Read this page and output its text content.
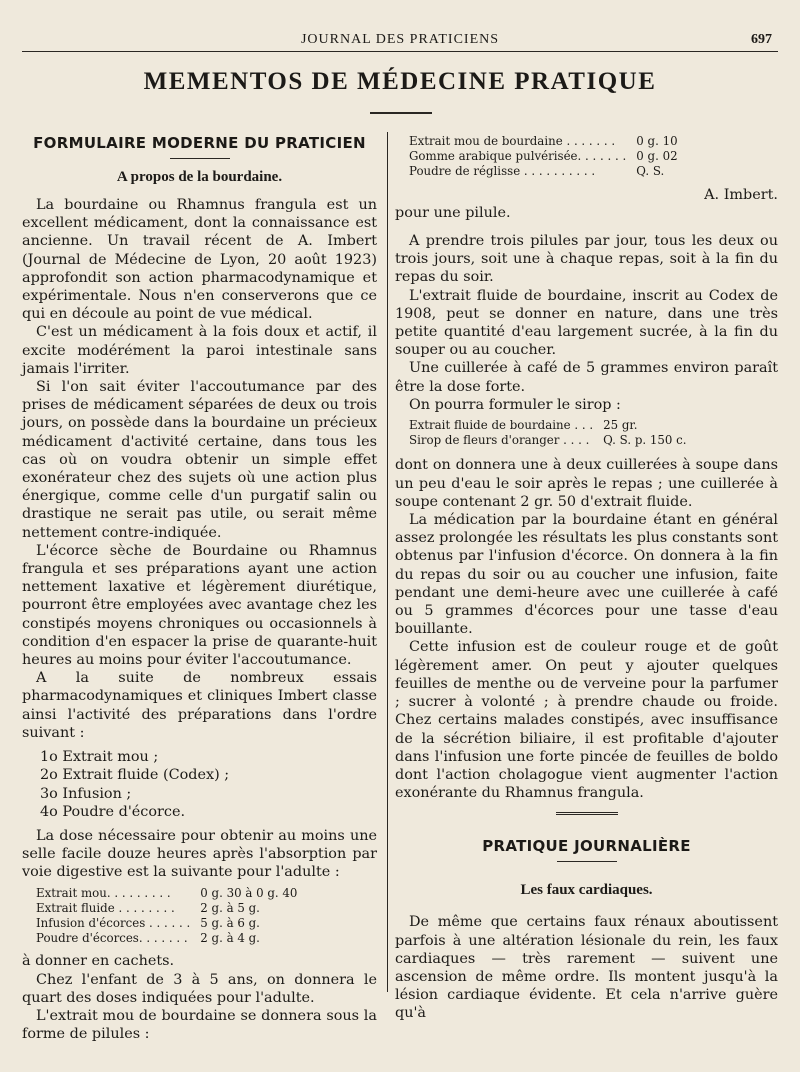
JOURNAL DES PRATICIENS	697
MEMENTOS DE MÉDECINE PRATIQUE
FORMULAIRE MODERNE DU PRATICIEN
A propos de la bourdaine.

La bourdaine ou Rhamnus frangula est un excellent médicament, dont la connaissance est ancienne. Un travail récent de A. Imbert (Journal de Médecine de Lyon, 20 août 1923) approfondit son action pharmacodynamique et expérimentale. Nous n'en conserverons que ce qui en découle au point de vue médical.

C'est un médicament à la fois doux et actif, il excite modérément la paroi intestinale sans jamais l'irriter.

Si l'on sait éviter l'accoutumance par des prises de médicament séparées de deux ou trois jours, on possède dans la bourdaine un précieux médicament d'activité certaine, dans tous les cas où on voudra obtenir un simple effet exonérateur chez des sujets où une action plus énergique, comme celle d'un purgatif salin ou drastique ne serait pas utile, ou serait même nettement contre-indiquée.

L'écorce sèche de Bourdaine ou Rhamnus frangula et ses préparations ayant une action nettement laxative et légèrement diurétique, pourront être employées avec avantage chez les constipés moyens chroniques ou occasionnels à condition d'en espacer la prise de quarante-huit heures au moins pour éviter l'accoutumance.

A la suite de nombreux essais pharmacodynamiques et cliniques Imbert classe ainsi l'activité des préparations dans l'ordre suivant :

1o Extrait mou ;
2o Extrait fluide (Codex) ;
3o Infusion ;
4o Poudre d'écorce.

La dose nécessaire pour obtenir au moins une selle facile douze heures après l'absorption par voie digestive est la suivante pour l'adulte :

Extrait mou. . . . . . . . .	0 g. 30 à 0 g. 40
Extrait fluide . . . . . . . .	2 g. à 5 g.
Infusion d'écorces . . . . . .	5 g. à 6 g.
Poudre d'écorces. . . . . . .	2 g. à 4 g.

à donner en cachets.

Chez l'enfant de 3 à 5 ans, on donnera le quart des doses indiquées pour l'adulte.

L'extrait mou de bourdaine se donnera sous la forme de pilules :

Extrait mou de bourdaine . . . . . . .	0 g. 10
Gomme arabique pulvérisée. . . . . . .	0 g. 02
Poudre de réglisse . . . . . . . . . .	Q. S.

A. Imbert.

pour une pilule.

A prendre trois pilules par jour, tous les deux ou trois jours, soit une à chaque repas, soit à la fin du repas du soir.

L'extrait fluide de bourdaine, inscrit au Codex de 1908, peut se donner en nature, dans une très petite quantité d'eau largement sucrée, à la fin du souper ou au coucher.

Une cuillerée à café de 5 grammes environ paraît être la dose forte.

On pourra formuler le sirop :

Extrait fluide de bourdaine . . .	25 gr.
Sirop de fleurs d'oranger . . . .	Q. S. p. 150 c.

dont on donnera une à deux cuillerées à soupe dans un peu d'eau le soir après le repas ; une cuillerée à soupe contenant 2 gr. 50 d'extrait fluide.

La médication par la bourdaine étant en général assez prolongée les résultats les plus constants sont obtenus par l'infusion d'écorce. On donnera à la fin du repas du soir ou au coucher une infusion, faite pendant une demi-heure avec une cuillerée à café ou 5 grammes d'écorces pour une tasse d'eau bouillante.

Cette infusion est de couleur rouge et de goût légèrement amer. On peut y ajouter quelques feuilles de menthe ou de verveine pour la parfumer ; sucrer à volonté ; à prendre chaude ou froide. Chez certains malades constipés, avec insuffisance de la sécrétion biliaire, il est profitable d'ajouter dans l'infusion une forte pincée de feuilles de boldo dont l'action cholagogue vient augmenter l'action exonérante du Rhamnus frangula.

PRATIQUE JOURNALIÈRE
Les faux cardiaques.

De même que certains faux rénaux aboutissent parfois à une altération lésionale du rein, les faux cardiaques — très rarement — suivent une ascension de même ordre. Ils montent jusqu'à la lésion cardiaque évidente. Et cela n'arrive guère qu'à
